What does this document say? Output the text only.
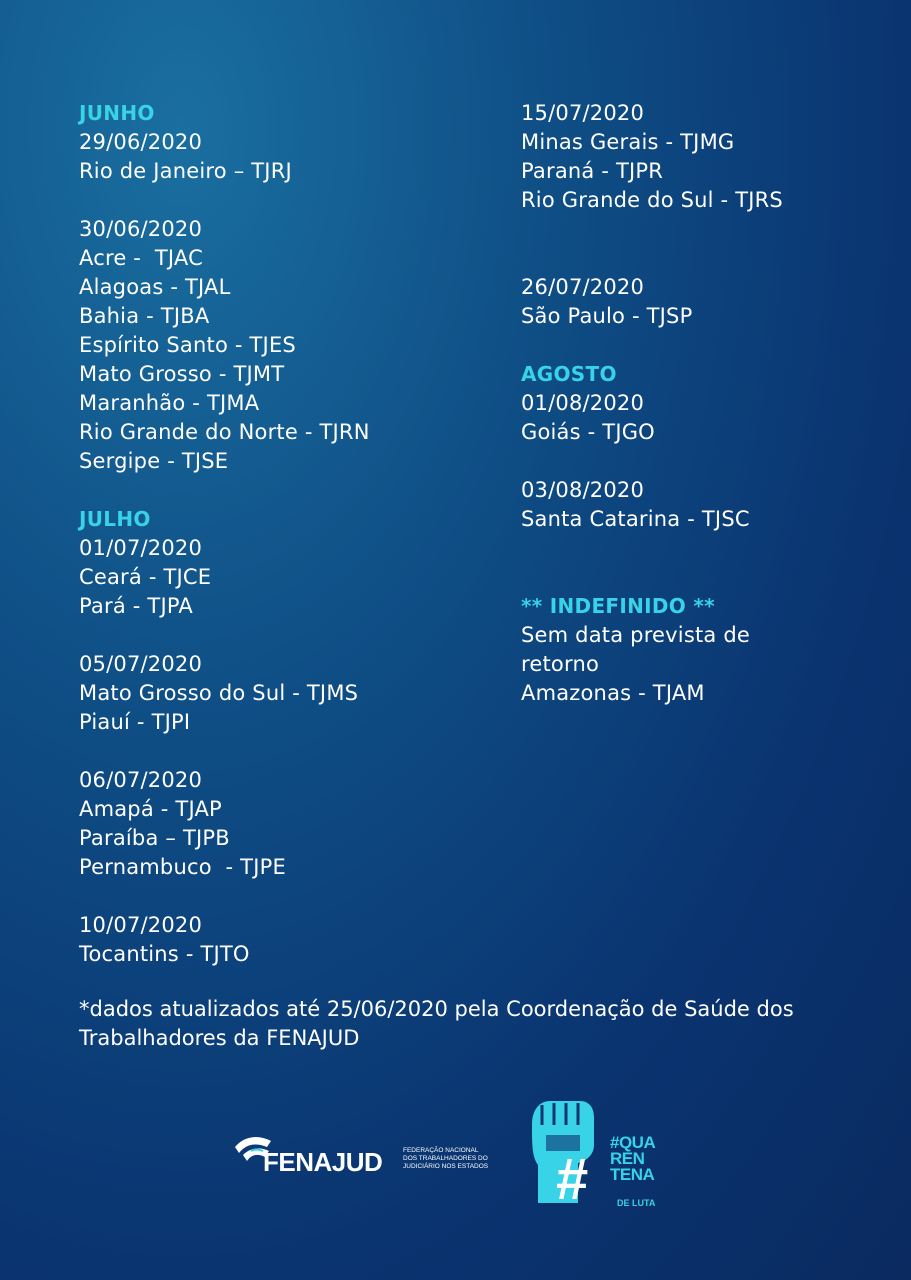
JUNHO
29/06/2020
Rio de Janeiro – TJRJ
30/06/2020
Acre -  TJAC
Alagoas - TJAL
Bahia - TJBA
Espírito Santo - TJES
Mato Grosso - TJMT
Maranhão - TJMA
Rio Grande do Norte - TJRN
Sergipe - TJSE
JULHO
01/07/2020
Ceará - TJCE
Pará - TJPA
05/07/2020
Mato Grosso do Sul - TJMS
Piauí - TJPI
06/07/2020
Amapá - TJAP
Paraíba – TJPB
Pernambuco  - TJPE
10/07/2020
Tocantins - TJTO
15/07/2020
Minas Gerais - TJMG
Paraná - TJPR
Rio Grande do Sul - TJRS
26/07/2020
São Paulo - TJSP
AGOSTO
01/08/2020
Goiás - TJGO
03/08/2020
Santa Catarina - TJSC
** INDEFINIDO **
Sem data prevista de retorno
Amazonas - TJAM
*dados atualizados até 25/06/2020 pela Coordenação de Saúde dos Trabalhadores da FENAJUD
FENAJUD	FEDERAÇÃO NACIONAL DOS TRABALHADORES DO JUDICIÁRIO NOS ESTADOS #
#QUA
REN
TENA
DE LUTA
